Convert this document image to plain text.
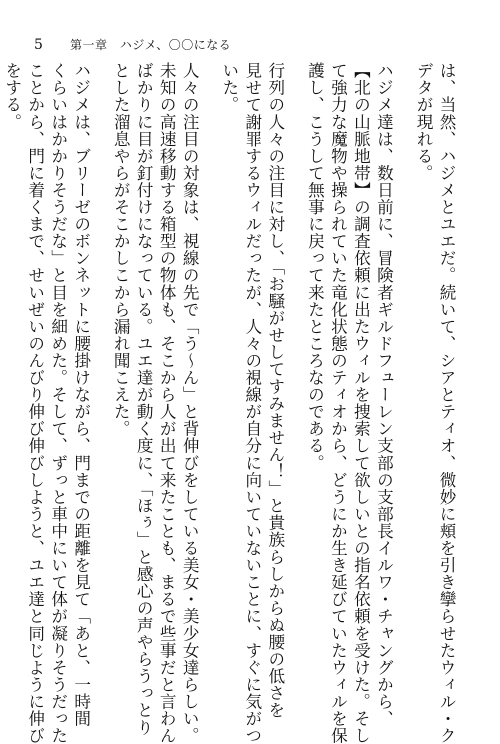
5 第一章　ハジメ、〇〇になる

は、当然、ハジメとユエだ。続いて、シアとティオ、微妙に頬を引き攣らせたウィル・ク

デタが現れる。

ハジメ達は、数日前に、冒険者ギルドフューレン支部の支部長イルワ・チャングから、

【北の山脈地帯】の調査依頼に出たウィルを捜索して欲しいとの指名依頼を受けた。そし

て強力な魔物や操られていた竜化状態のティオから、どうにか生き延びていたウィルを保

護し、こうして無事に戻って来たところなのである。

行列の人々の注目に対し、「お騒がせしてすみません！」と貴族らしからぬ腰の低さを

見せて謝罪するウィルだったが、人々の視線が自分に向いていないことに、すぐに気がつ

いた。

人々の注目の対象は、視線の先で「う〜ん」と背伸びをしている美女・美少女達らしい。

未知の高速移動する箱型の物体も、そこから人が出て来たことも、まるで些事だと言わん

ばかりに目が釘付けになっている。ユエ達が動く度に、「ほぅ」と感心の声やらうっとり

とした溜息やらがそこかしこから漏れ聞こえた。

ハジメは、ブリーゼのボンネットに腰掛けながら、門までの距離を見て「あと、一時間

くらいはかかりそうだな」と目を細めた。そして、ずっと車中にいて体が凝りそうだった

ことから、門に着くまで、せいぜいのんびり伸び伸びしようと、ユエ達と同じように伸び

をする。
